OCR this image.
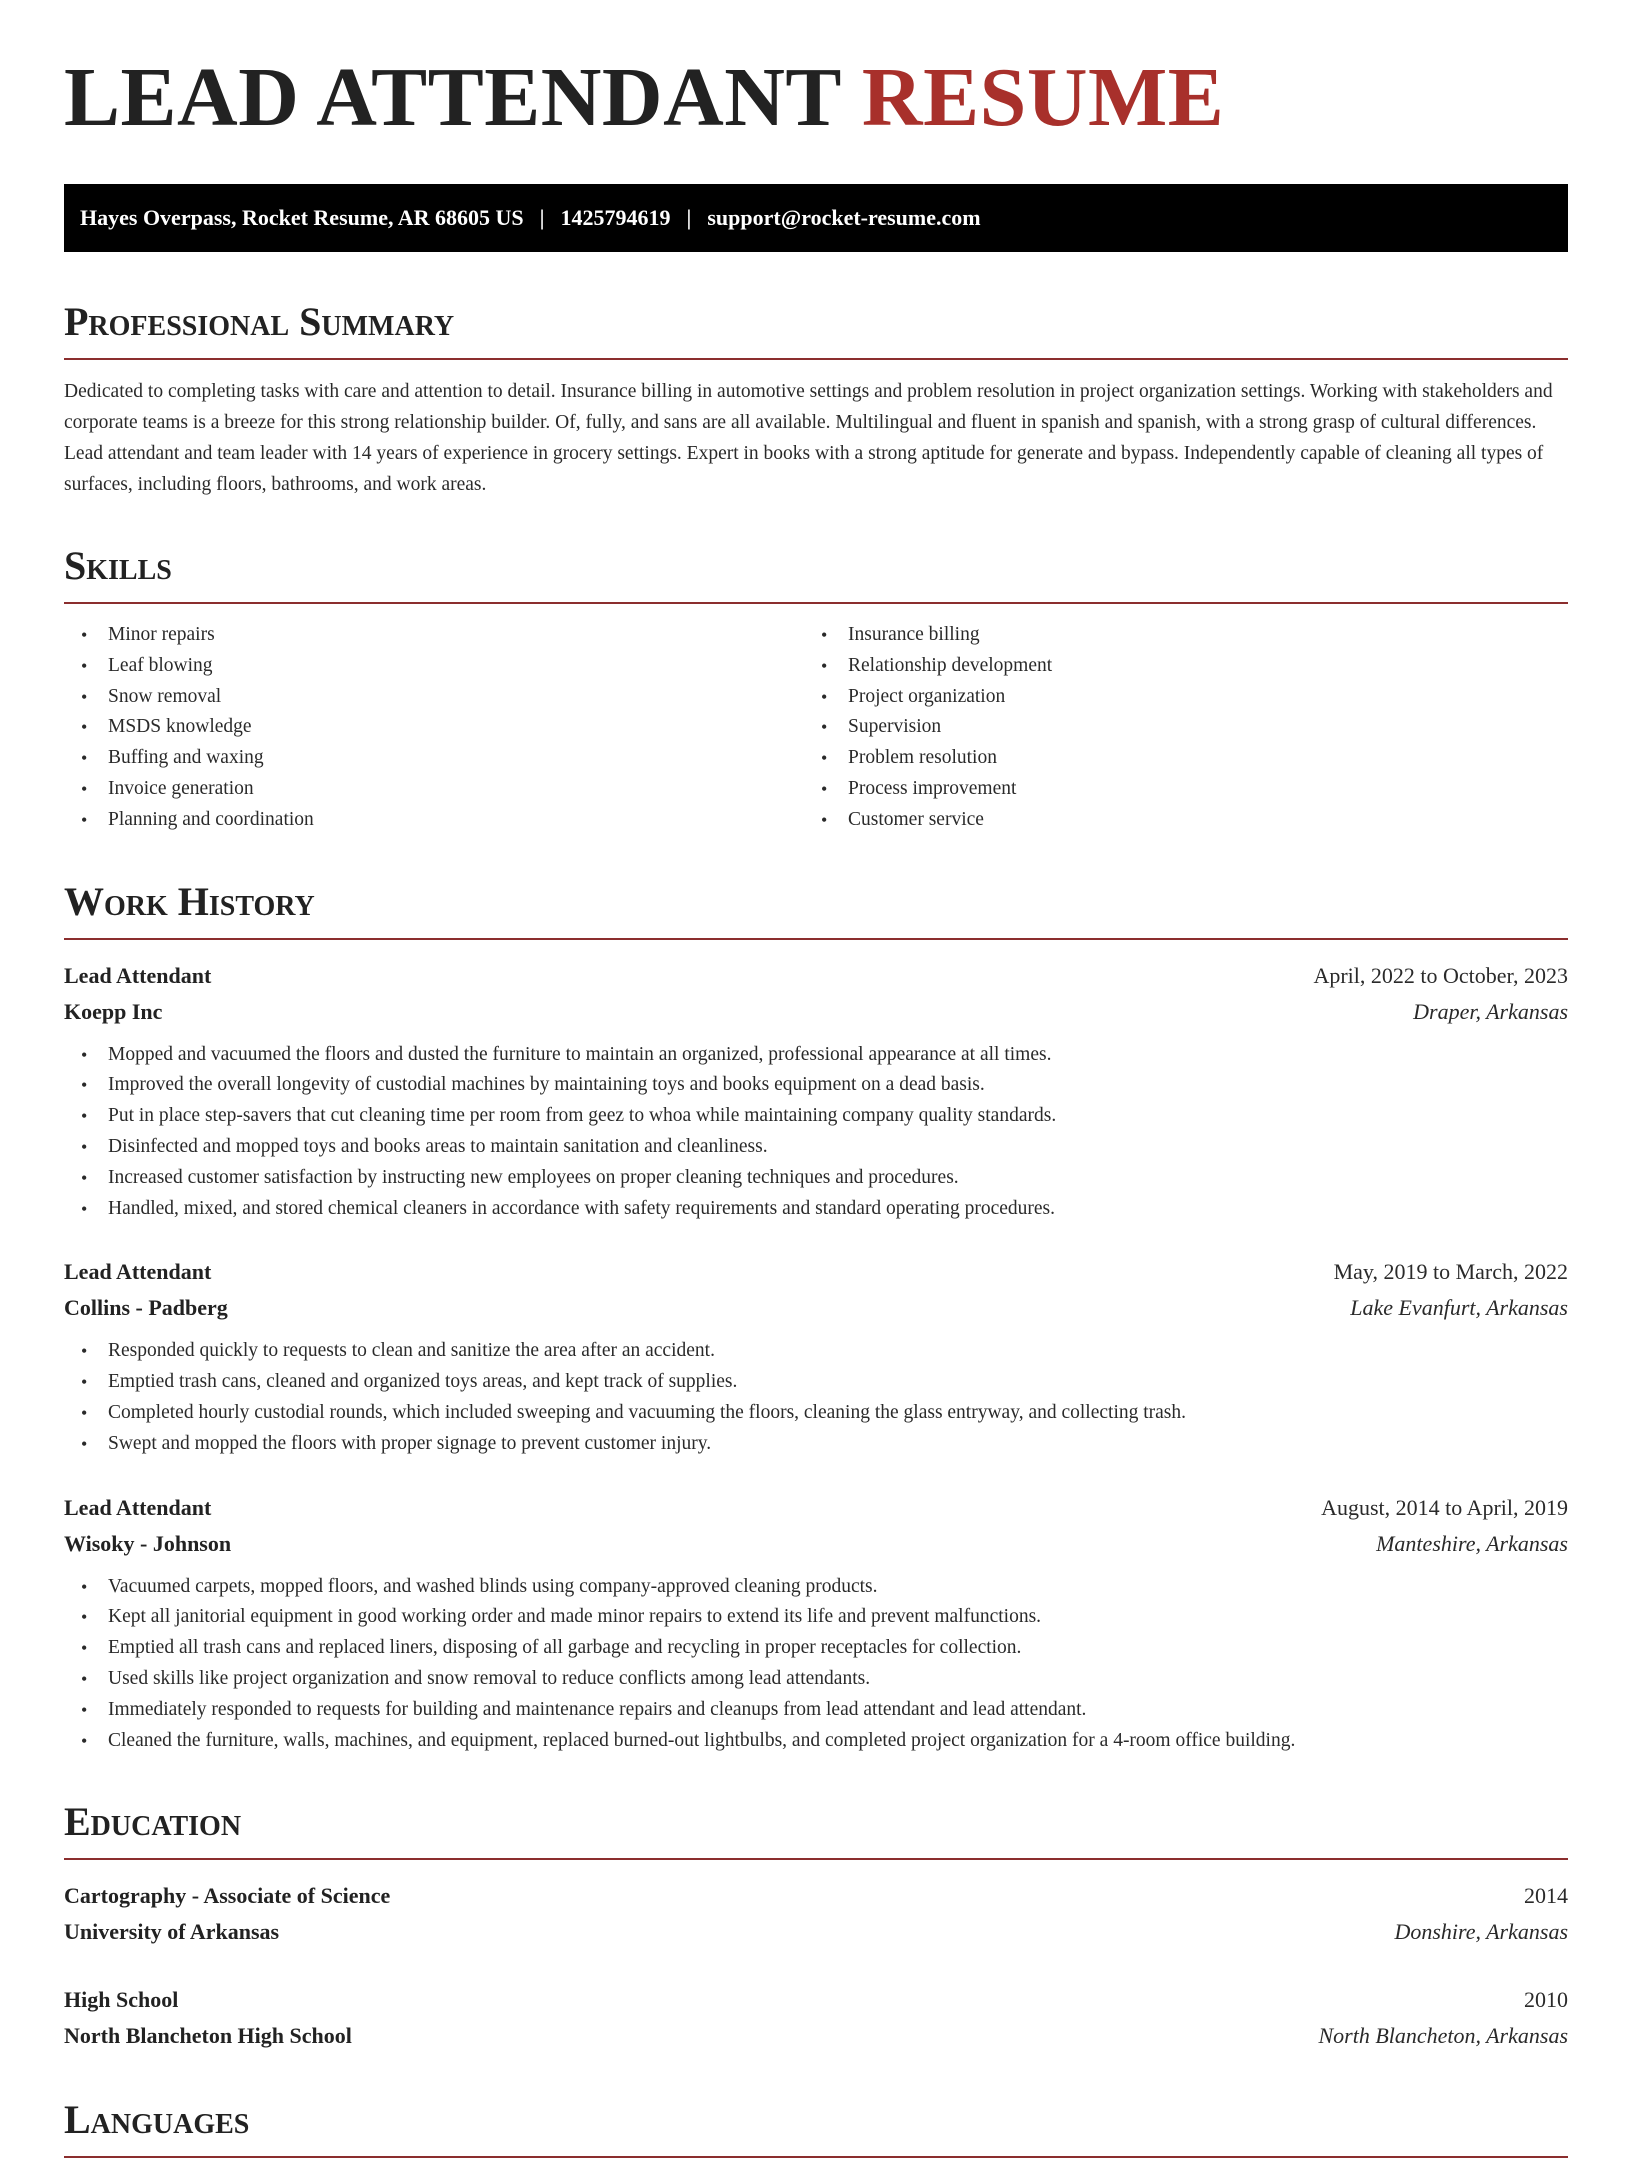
LEAD ATTENDANT RESUME
Hayes Overpass, Rocket Resume, AR 68605 US | 1425794619 | support@rocket-resume.com
Professional Summary
Dedicated to completing tasks with care and attention to detail. Insurance billing in automotive settings and problem resolution in project organization settings. Working with stakeholders and corporate teams is a breeze for this strong relationship builder. Of, fully, and sans are all available. Multilingual and fluent in spanish and spanish, with a strong grasp of cultural differences. Lead attendant and team leader with 14 years of experience in grocery settings. Expert in books with a strong aptitude for generate and bypass. Independently capable of cleaning all types of surfaces, including floors, bathrooms, and work areas.
Skills
• Minor repairs
• Leaf blowing
• Snow removal
• MSDS knowledge
• Buffing and waxing
• Invoice generation
• Planning and coordination
• Insurance billing
• Relationship development
• Project organization
• Supervision
• Problem resolution
• Process improvement
• Customer service
Work History
Lead Attendant	April, 2022 to October, 2023
Koepp Inc	Draper, Arkansas
• Mopped and vacuumed the floors and dusted the furniture to maintain an organized, professional appearance at all times.
• Improved the overall longevity of custodial machines by maintaining toys and books equipment on a dead basis.
• Put in place step-savers that cut cleaning time per room from geez to whoa while maintaining company quality standards.
• Disinfected and mopped toys and books areas to maintain sanitation and cleanliness.
• Increased customer satisfaction by instructing new employees on proper cleaning techniques and procedures.
• Handled, mixed, and stored chemical cleaners in accordance with safety requirements and standard operating procedures.
Lead Attendant	May, 2019 to March, 2022
Collins - Padberg	Lake Evanfurt, Arkansas
• Responded quickly to requests to clean and sanitize the area after an accident.
• Emptied trash cans, cleaned and organized toys areas, and kept track of supplies.
• Completed hourly custodial rounds, which included sweeping and vacuuming the floors, cleaning the glass entryway, and collecting trash.
• Swept and mopped the floors with proper signage to prevent customer injury.
Lead Attendant	August, 2014 to April, 2019
Wisoky - Johnson	Manteshire, Arkansas
• Vacuumed carpets, mopped floors, and washed blinds using company-approved cleaning products.
• Kept all janitorial equipment in good working order and made minor repairs to extend its life and prevent malfunctions.
• Emptied all trash cans and replaced liners, disposing of all garbage and recycling in proper receptacles for collection.
• Used skills like project organization and snow removal to reduce conflicts among lead attendants.
• Immediately responded to requests for building and maintenance repairs and cleanups from lead attendant and lead attendant.
• Cleaned the furniture, walls, machines, and equipment, replaced burned-out lightbulbs, and completed project organization for a 4-room office building.
Education
Cartography - Associate of Science	2014
University of Arkansas	Donshire, Arkansas
High School	2010
North Blancheton High School	North Blancheton, Arkansas
Languages
